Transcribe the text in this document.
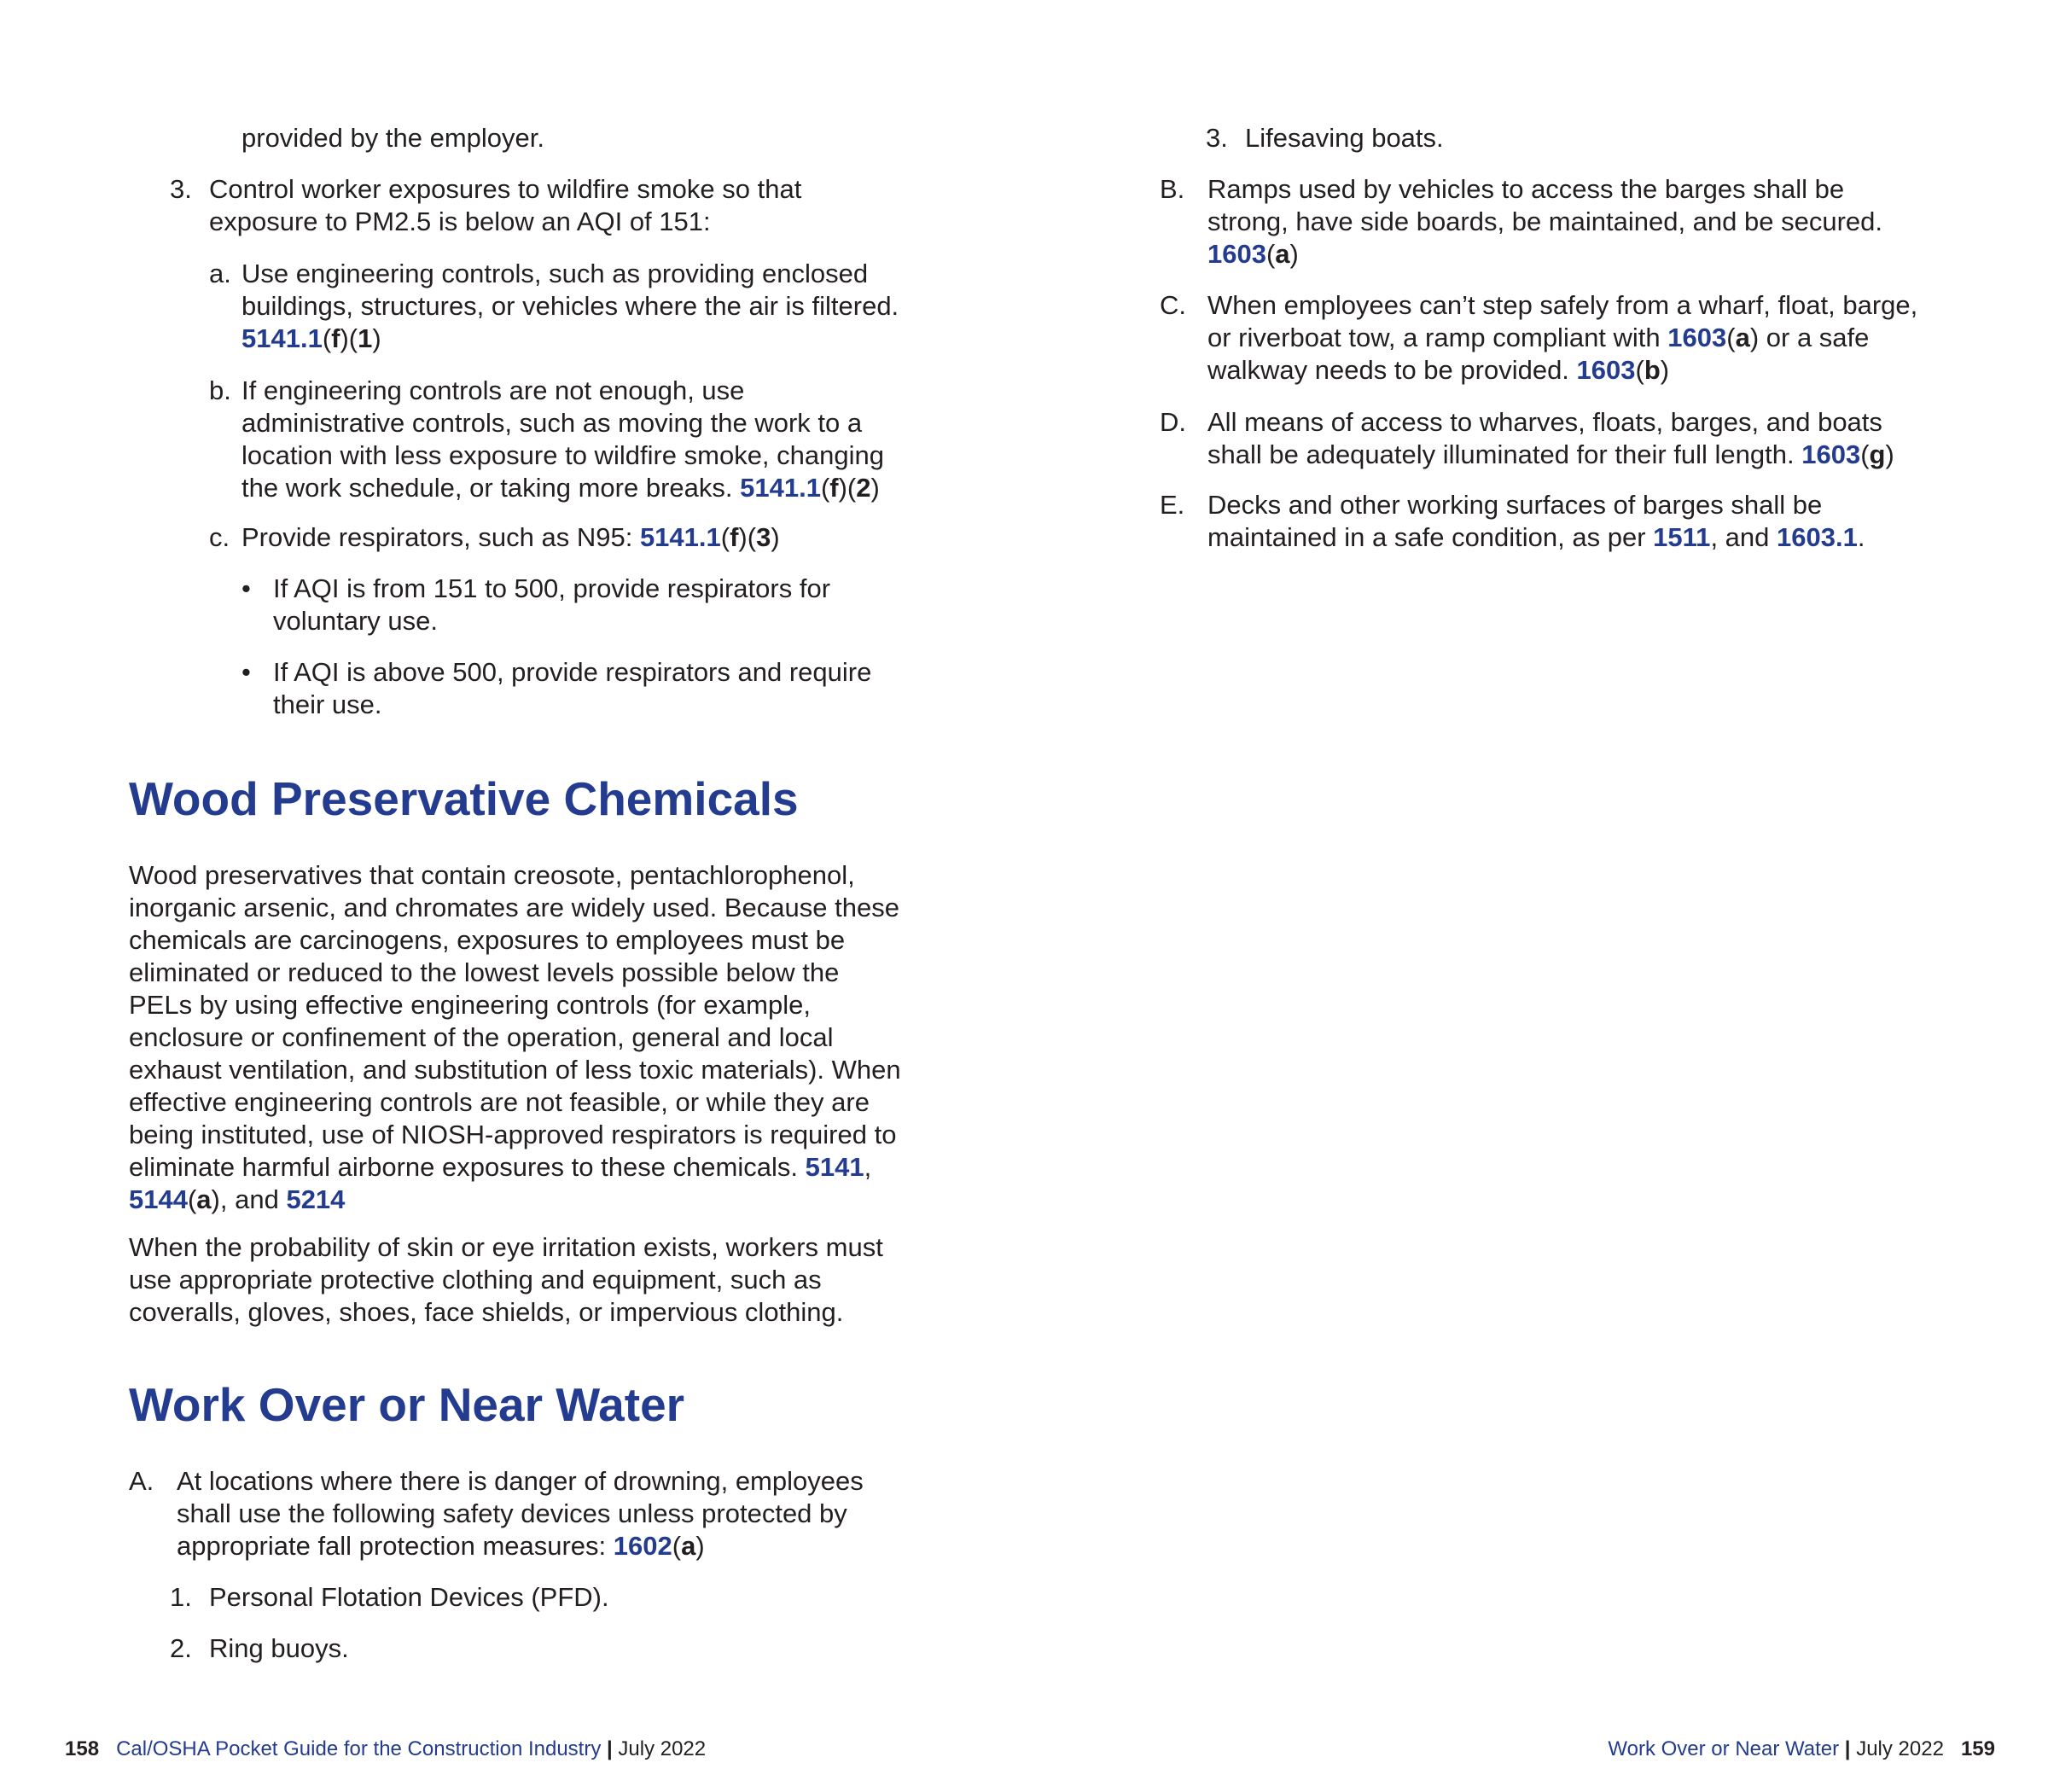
provided by the employer.

3. Control worker exposures to wildfire smoke so that exposure to PM2.5 is below an AQI of 151:

a. Use engineering controls, such as providing enclosed buildings, structures, or vehicles where the air is filtered. 5141.1(f)(1)

b. If engineering controls are not enough, use administrative controls, such as moving the work to a location with less exposure to wildfire smoke, changing the work schedule, or taking more breaks. 5141.1(f)(2)

c. Provide respirators, such as N95: 5141.1(f)(3)

• If AQI is from 151 to 500, provide respirators for voluntary use.

• If AQI is above 500, provide respirators and require their use.

Wood Preservative Chemicals

Wood preservatives that contain creosote, pentachlorophenol, inorganic arsenic, and chromates are widely used. Because these chemicals are carcinogens, exposures to employees must be eliminated or reduced to the lowest levels possible below the PELs by using effective engineering controls (for example, enclosure or confinement of the operation, general and local exhaust ventilation, and substitution of less toxic materials). When effective engineering controls are not feasible, or while they are being instituted, use of NIOSH-approved respirators is required to eliminate harmful airborne exposures to these chemicals. 5141, 5144(a), and 5214

When the probability of skin or eye irritation exists, workers must use appropriate protective clothing and equipment, such as coveralls, gloves, shoes, face shields, or impervious clothing.

Work Over or Near Water
A. At locations where there is danger of drowning, employees shall use the following safety devices unless protected by appropriate fall protection measures: 1602(a)

1. Personal Flotation Devices (PFD).

2. Ring buoys.

3. Lifesaving boats.

B. Ramps used by vehicles to access the barges shall be strong, have side boards, be maintained, and be secured. 1603(a)

C. When employees can’t step safely from a wharf, float, barge, or riverboat tow, a ramp compliant with 1603(a) or a safe walkway needs to be provided. 1603(b)

D. All means of access to wharves, floats, barges, and boats shall be adequately illuminated for their full length. 1603(g)

E. Decks and other working surfaces of barges shall be maintained in a safe condition, as per 1511, and 1603.1.

158 Cal/OSHA Pocket Guide for the Construction Industry | July 2022	Work Over or Near Water | July 2022 159
